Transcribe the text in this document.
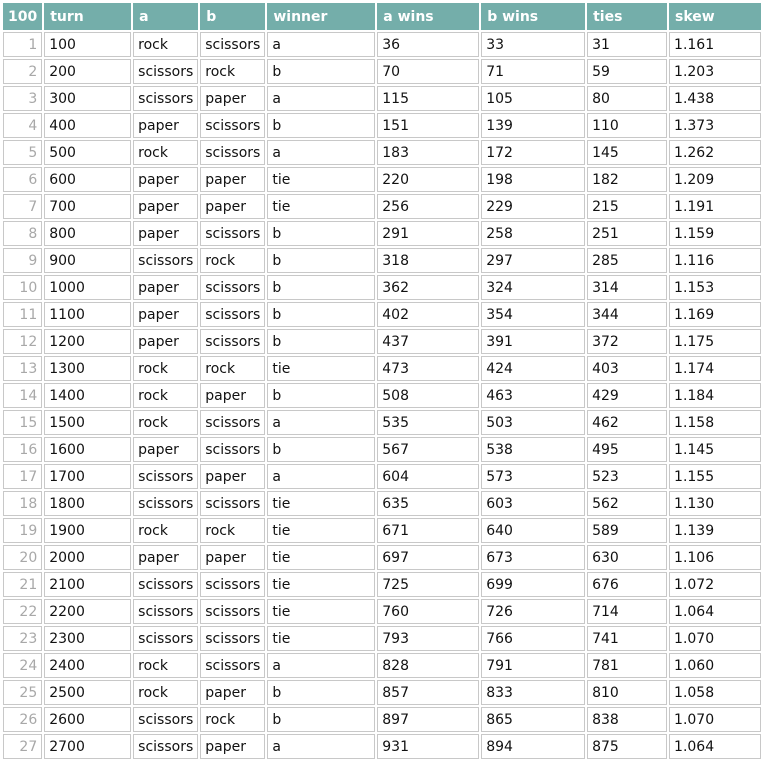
100	turn	a	b	winner	a wins	b wins	ties	skew
1	100	rock	scissors	a	36	33	31	1.161
2	200	scissors	rock	b	70	71	59	1.203
3	300	scissors	paper	a	115	105	80	1.438
4	400	paper	scissors	b	151	139	110	1.373
5	500	rock	scissors	a	183	172	145	1.262
6	600	paper	paper	tie	220	198	182	1.209
7	700	paper	paper	tie	256	229	215	1.191
8	800	paper	scissors	b	291	258	251	1.159
9	900	scissors	rock	b	318	297	285	1.116
10	1000	paper	scissors	b	362	324	314	1.153
11	1100	paper	scissors	b	402	354	344	1.169
12	1200	paper	scissors	b	437	391	372	1.175
13	1300	rock	rock	tie	473	424	403	1.174
14	1400	rock	paper	b	508	463	429	1.184
15	1500	rock	scissors	a	535	503	462	1.158
16	1600	paper	scissors	b	567	538	495	1.145
17	1700	scissors	paper	a	604	573	523	1.155
18	1800	scissors	scissors	tie	635	603	562	1.130
19	1900	rock	rock	tie	671	640	589	1.139
20	2000	paper	paper	tie	697	673	630	1.106
21	2100	scissors	scissors	tie	725	699	676	1.072
22	2200	scissors	scissors	tie	760	726	714	1.064
23	2300	scissors	scissors	tie	793	766	741	1.070
24	2400	rock	scissors	a	828	791	781	1.060
25	2500	rock	paper	b	857	833	810	1.058
26	2600	scissors	rock	b	897	865	838	1.070
27	2700	scissors	paper	a	931	894	875	1.064
